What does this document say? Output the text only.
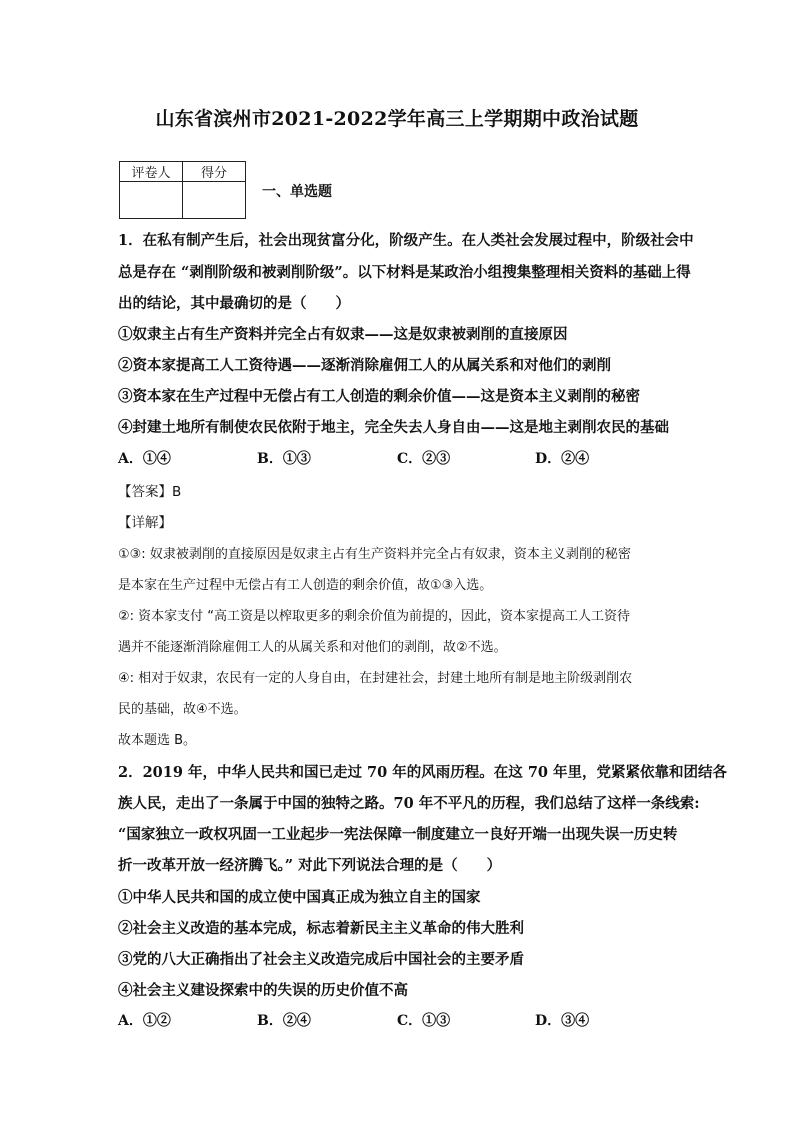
山东省滨州市2021-2022学年高三上学期期中政治试题
评卷人	得分

一、单选题
1．在私有制产生后，社会出现贫富分化，阶级产生。在人类社会发展过程中，阶级社会中
总是存在 “剥削阶级和被剥削阶级”。以下材料是某政治小组搜集整理相关资料的基础上得
出的结论，其中最确切的是（　　）
①奴隶主占有生产资料并完全占有奴隶——这是奴隶被剥削的直接原因
②资本家提高工人工资待遇——逐渐消除雇佣工人的从属关系和对他们的剥削
③资本家在生产过程中无偿占有工人创造的剩余价值——这是资本主义剥削的秘密
④封建土地所有制使农民依附于地主，完全失去人身自由——这是地主剥削农民的基础
A．①④	B．①③	C．②③	D．②④
【答案】B
【详解】
①③: 奴隶被剥削的直接原因是奴隶主占有生产资料并完全占有奴隶，资本主义剥削的秘密
是本家在生产过程中无偿占有工人创造的剩余价值，故①③入选。
②: 资本家支付 “高工资是以榨取更多的剩余价值为前提的，因此，资本家提高工人工资待
遇并不能逐渐消除雇佣工人的从属关系和对他们的剥削，故②不选。
④: 相对于奴隶，农民有一定的人身自由，在封建社会，封建土地所有制是地主阶级剥削农
民的基础，故④不选。
故本题选 B。
2．2019 年，中华人民共和国已走过 70 年的风雨历程。在这 70 年里，党紧紧依靠和团结各
族人民，走出了一条属于中国的独特之路。70 年不平凡的历程，我们总结了这样一条线索:
“国家独立一政权巩固一工业起步一宪法保障一制度建立一良好开端一出现失误一历史转
折一改革开放一经济腾飞。” 对此下列说法合理的是（　　）
①中华人民共和国的成立使中国真正成为独立自主的国家
②社会主义改造的基本完成，标志着新民主主义革命的伟大胜利
③党的八大正确指出了社会主义改造完成后中国社会的主要矛盾
④社会主义建设探索中的失误的历史价值不高
A．①②	B．②④	C．①③	D．③④
